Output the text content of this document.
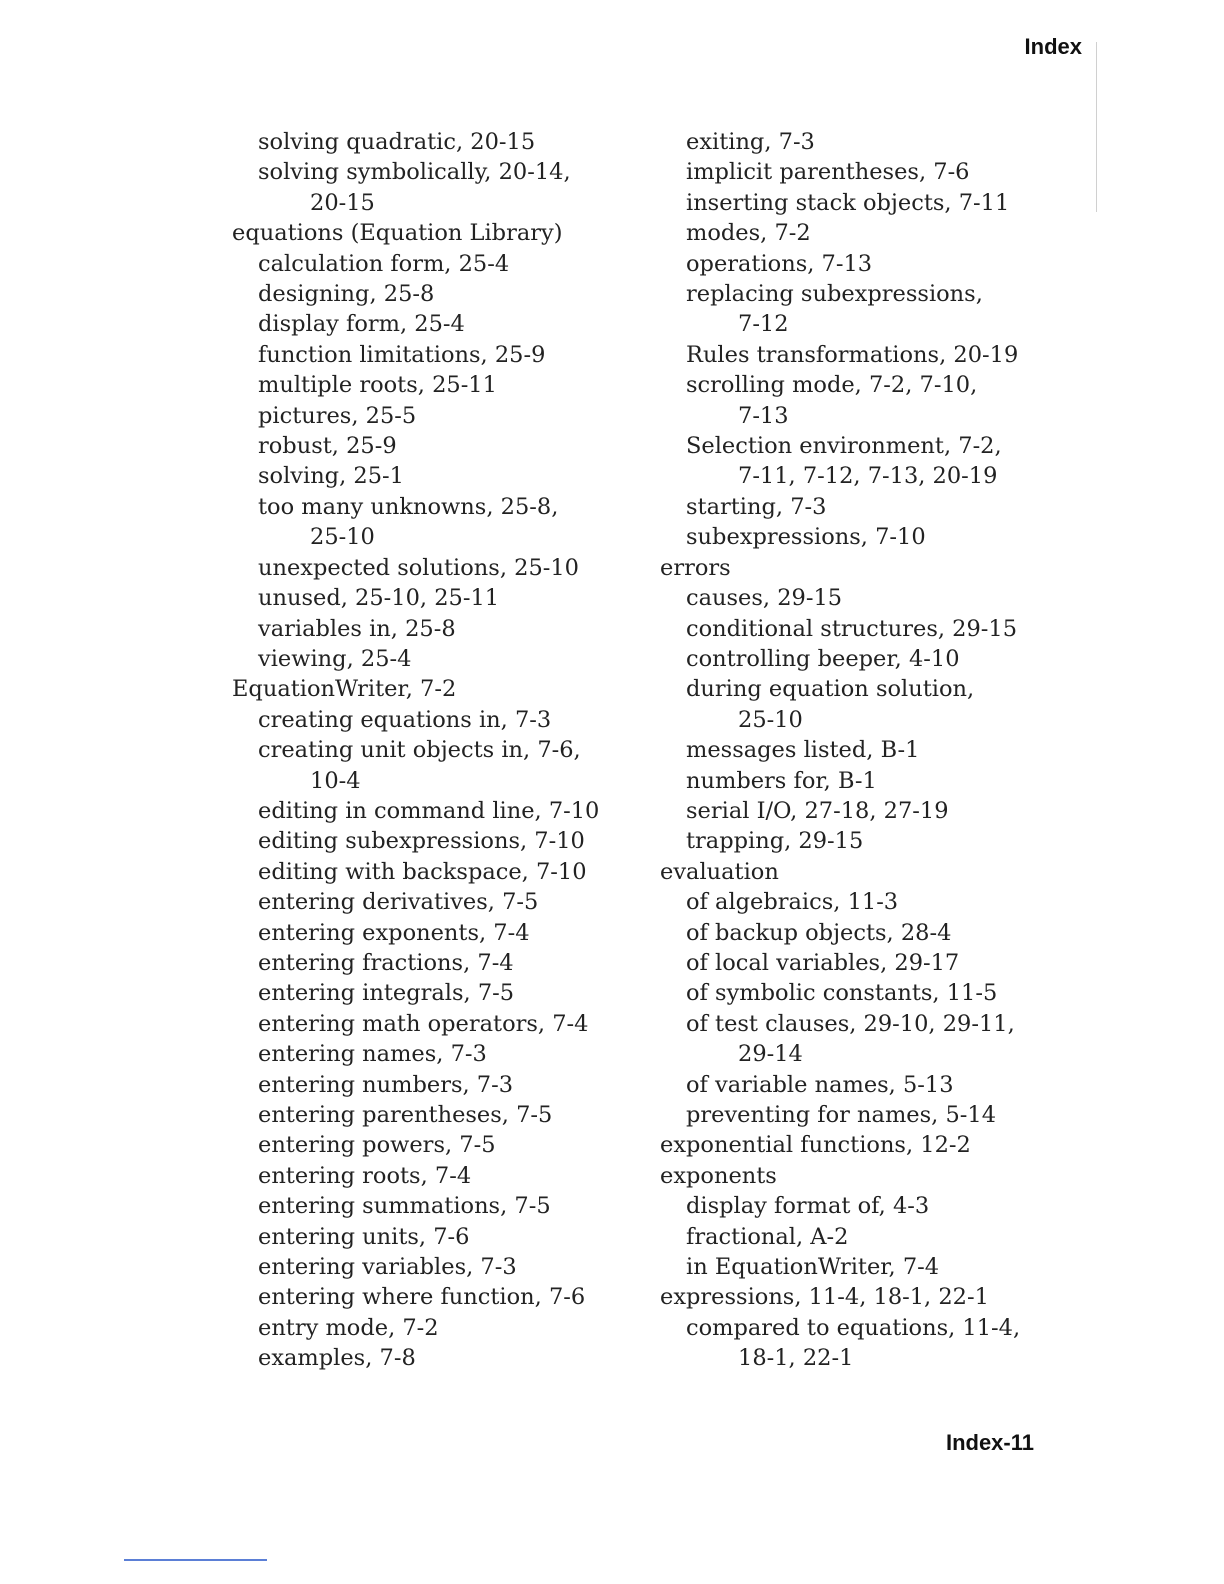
Index
solving quadratic, 20-15
solving symbolically, 20-14,
20-15
equations (Equation Library)
calculation form, 25-4
designing, 25-8
display form, 25-4
function limitations, 25-9
multiple roots, 25-11
pictures, 25-5
robust, 25-9
solving, 25-1
too many unknowns, 25-8,
25-10
unexpected solutions, 25-10
unused, 25-10, 25-11
variables in, 25-8
viewing, 25-4
EquationWriter, 7-2
creating equations in, 7-3
creating unit objects in, 7-6,
10-4
editing in command line, 7-10
editing subexpressions, 7-10
editing with backspace, 7-10
entering derivatives, 7-5
entering exponents, 7-4
entering fractions, 7-4
entering integrals, 7-5
entering math operators, 7-4
entering names, 7-3
entering numbers, 7-3
entering parentheses, 7-5
entering powers, 7-5
entering roots, 7-4
entering summations, 7-5
entering units, 7-6
entering variables, 7-3
entering where function, 7-6
entry mode, 7-2
examples, 7-8
exiting, 7-3
implicit parentheses, 7-6
inserting stack objects, 7-11
modes, 7-2
operations, 7-13
replacing subexpressions,
7-12
Rules transformations, 20-19
scrolling mode, 7-2, 7-10,
7-13
Selection environment, 7-2,
7-11, 7-12, 7-13, 20-19
starting, 7-3
subexpressions, 7-10
errors
causes, 29-15
conditional structures, 29-15
controlling beeper, 4-10
during equation solution,
25-10
messages listed, B-1
numbers for, B-1
serial I/O, 27-18, 27-19
trapping, 29-15
evaluation
of algebraics, 11-3
of backup objects, 28-4
of local variables, 29-17
of symbolic constants, 11-5
of test clauses, 29-10, 29-11,
29-14
of variable names, 5-13
preventing for names, 5-14
exponential functions, 12-2
exponents
display format of, 4-3
fractional, A-2
in EquationWriter, 7-4
expressions, 11-4, 18-1, 22-1
compared to equations, 11-4,
18-1, 22-1
Index-11
